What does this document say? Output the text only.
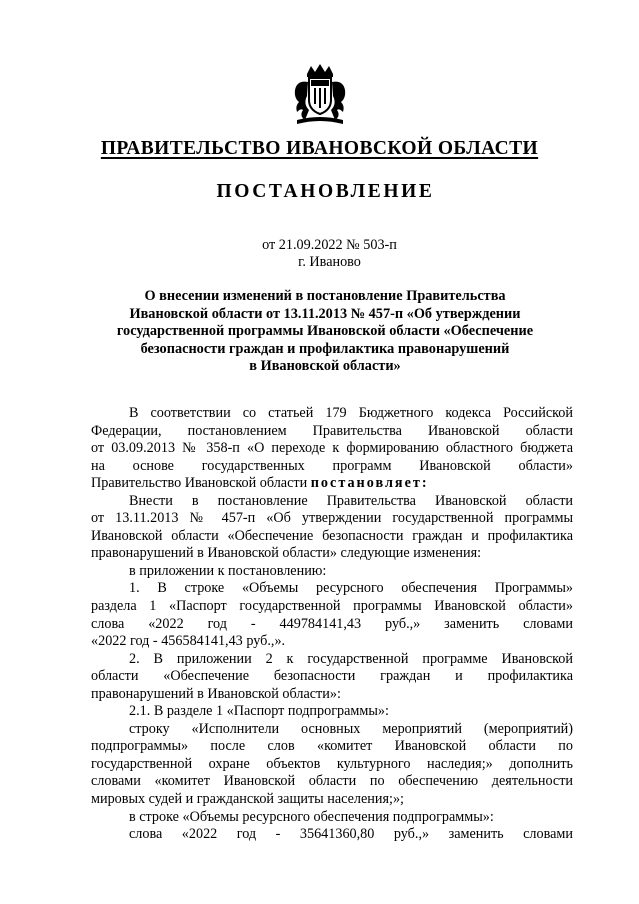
ПРАВИТЕЛЬСТВО ИВАНОВСКОЙ ОБЛАСТИ
ПОСТАНОВЛЕНИЕ
от 21.09.2022 № 503-п
г. Иваново
О внесении изменений в постановление Правительства
Ивановской области от 13.11.2013 № 457-п «Об утверждении
государственной программы Ивановской области «Обеспечение
безопасности граждан и профилактика правонарушений
в Ивановской области»

В соответствии со статьей 179 Бюджетного кодекса Российской

Федерации, постановлением Правительства Ивановской области

от 03.09.2013 № 358-п «О переходе к формированию областного бюджета

на основе государственных программ Ивановской области»

Правительство Ивановской области постановляет:

Внести в постановление Правительства Ивановской области

от 13.11.2013 № 457-п «Об утверждении государственной программы

Ивановской области «Обеспечение безопасности граждан и профилактика

правонарушений в Ивановской области» следующие изменения:

в приложении к постановлению:

1. В строке «Объемы ресурсного обеспечения Программы»

раздела 1 «Паспорт государственной программы Ивановской области»

слова «2022 год - 449784141,43 руб.,» заменить словами

«2022 год - 456584141,43 руб.,».

2. В приложении 2 к государственной программе Ивановской

области «Обеспечение безопасности граждан и профилактика

правонарушений в Ивановской области»:

2.1. В разделе 1 «Паспорт подпрограммы»:

строку «Исполнители основных мероприятий (мероприятий)

подпрограммы» после слов «комитет Ивановской области по

государственной охране объектов культурного наследия;» дополнить

словами «комитет Ивановской области по обеспечению деятельности

мировых судей и гражданской защиты населения;»;

в строке «Объемы ресурсного обеспечения подпрограммы»:

слова «2022 год - 35641360,80 руб.,» заменить словами
